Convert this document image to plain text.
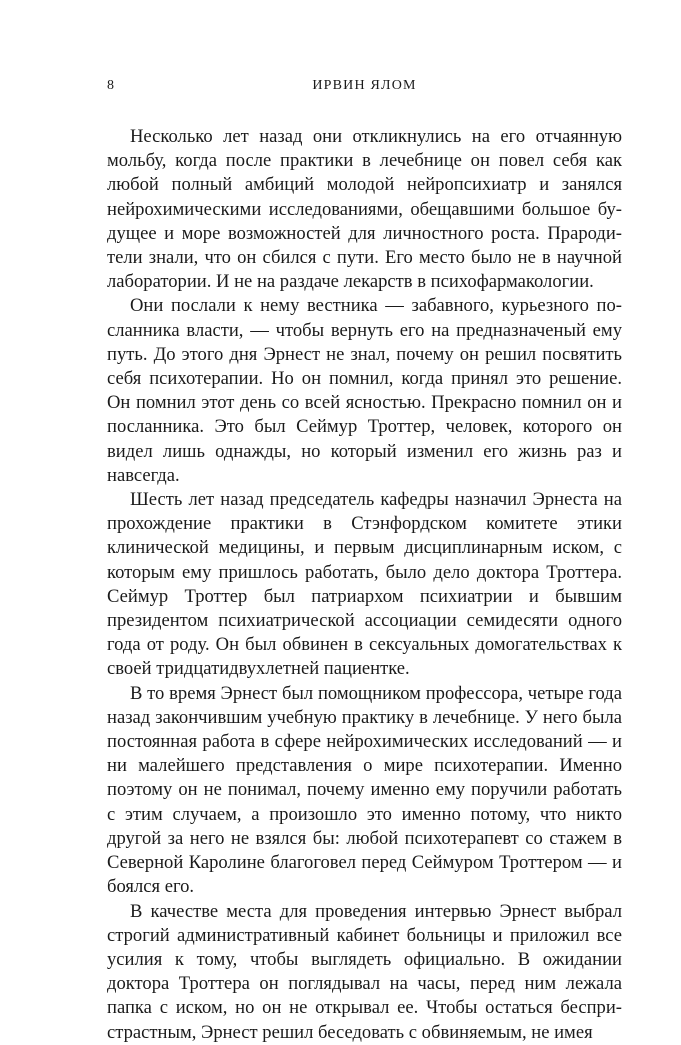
8	ИРВИН ЯЛОМ

Несколько лет назад они откликнулись на его отчаянную мольбу, когда после практики в лечебнице он повел себя как любой полный амбиций молодой нейропсихиатр и занялся нейрохимическими исследованиями, обещавшими большое будущее и море возможностей для личностного роста. Прародители знали, что он сбился с пути. Его место было не в научной лаборатории. И не на раздаче лекарств в психофармакологии.

Они послали к нему вестника — забавного, курьезного посланника власти, — чтобы вернуть его на предназначеный ему путь. До этого дня Эрнест не знал, почему он решил посвятить себя психотерапии. Но он помнил, когда принял это решение. Он помнил этот день со всей ясностью. Прекрасно помнил он и посланника. Это был Сеймур Троттер, человек, которого он видел лишь однажды, но который изменил его жизнь раз и навсегда.

Шесть лет назад председатель кафедры назначил Эрнеста на прохождение практики в Стэнфордском комитете этики клинической медицины, и первым дисциплинарным иском, с которым ему пришлось работать, было дело доктора Троттера. Сеймур Троттер был патриархом психиатрии и бывшим президентом психиатрической ассоциации семидесяти одного года от роду. Он был обвинен в сексуальных домогательствах к своей тридцатидвухлетней пациентке.

В то время Эрнест был помощником профессора, четыре года назад закончившим учебную практику в лечебнице. У него была постоянная работа в сфере нейрохимических исследований — и ни малейшего представления о мире психотерапии. Именно поэтому он не понимал, почему именно ему поручили работать с этим случаем, а произошло это именно потому, что никто другой за него не взялся бы: любой психотерапевт со стажем в Северной Каролине благоговел перед Сеймуром Троттером — и боялся его.

В качестве места для проведения интервью Эрнест выбрал строгий административный кабинет больницы и приложил все усилия к тому, чтобы выглядеть официально. В ожидании доктора Троттера он поглядывал на часы, перед ним лежала папка с иском, но он не открывал ее. Чтобы остаться беспристрастным, Эрнест решил беседовать с обвиняемым, не имея
